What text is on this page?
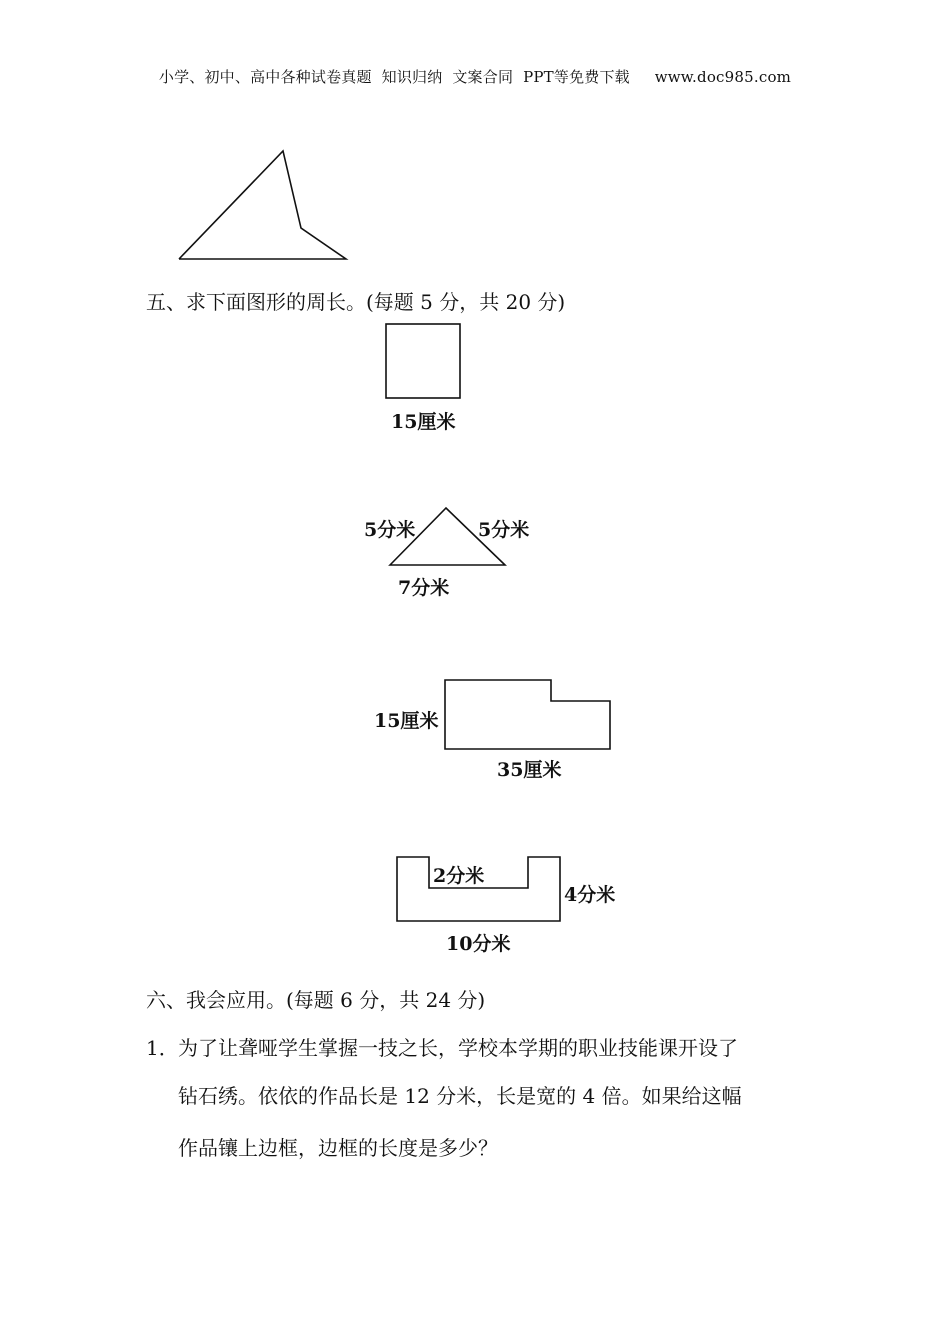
小学、初中、高中各种试卷真题  知识归纳  文案合同  PPT等免费下载     www.doc985.com
五、求下面图形的周长。(每题 5 分，共 20 分)
15厘米
5分米	5分米
7分米
15厘米
35厘米
2分米
4分米
10分米
六、我会应用。(每题 6 分，共 24 分)
1． 为了让聋哑学生掌握一技之长，学校本学期的职业技能课开设了
钻石绣。依依的作品长是 12 分米，长是宽的 4 倍。如果给这幅
作品镶上边框，边框的长度是多少？
